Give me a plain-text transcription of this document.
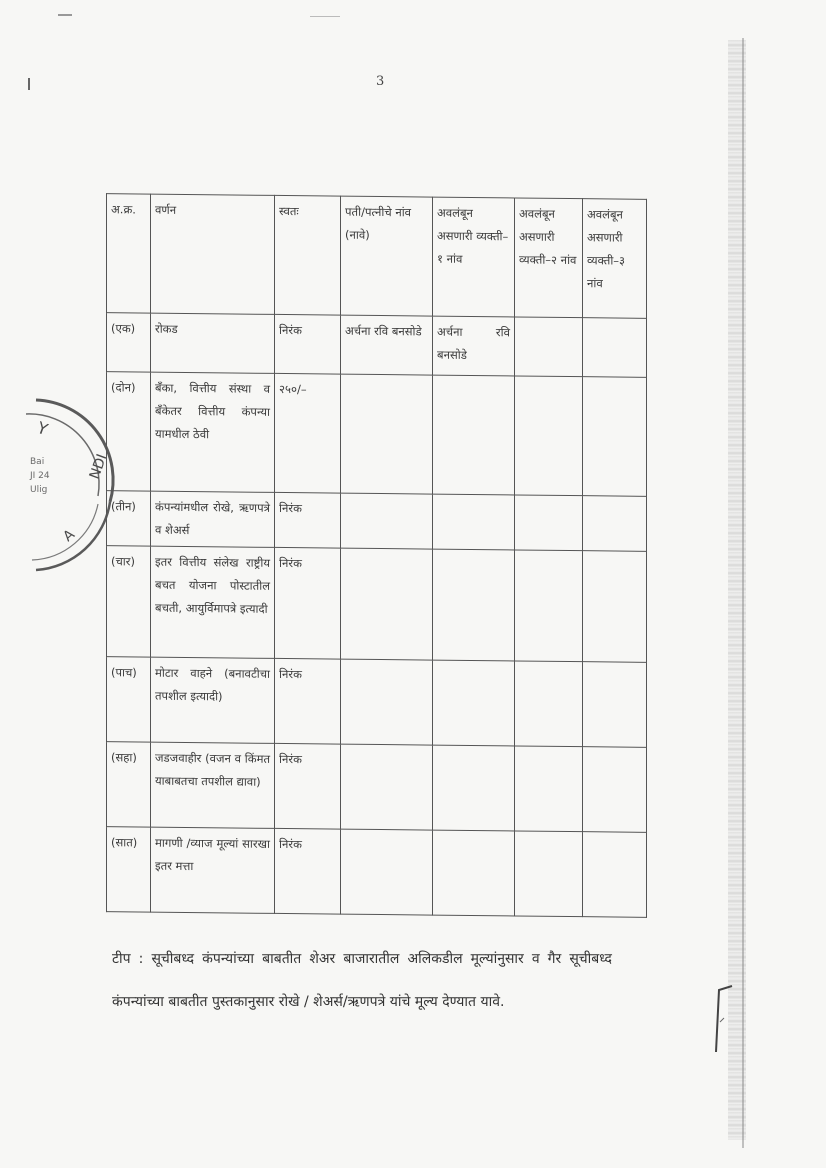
3
Y
Bai
JI 24
Ulig
NDI
A
अ.क्र.	वर्णन	स्वतः	पती/पत्नीचे नांव (नावे)	अवलंबून असणारी व्यक्ती–१ नांव	अवलंबून असणारी व्यक्ती–२ नांव	अवलंबून असणारी व्यक्ती–३ नांव
(एक)	रोकड	निरंक	अर्चना रवि बनसोडे	अर्चना रवि बनसोडे		
(दोन)	बँका, वित्तीय संस्था व बँकेतर वित्तीय कंपन्या यामधील ठेवी	२५०/–				
(तीन)	कंपन्यांमधील रोखे, ऋणपत्रे व शेअर्स	निरंक				
(चार)	इतर वित्तीय संलेख राष्ट्रीय बचत योजना पोस्टातील बचती, आयुर्विमापत्रे इत्यादी	निरंक				
(पाच)	मोटार वाहने (बनावटीचा तपशील इत्यादी)	निरंक				
(सहा)	जडजवाहीर (वजन व किंमत याबाबतचा तपशील द्यावा)	निरंक				
(सात)	मागणी /व्याज मूल्यां सारखा इतर मत्ता	निरंक				
टीप : सूचीबध्द कंपन्यांच्या बाबतीत शेअर बाजारातील अलिकडील मूल्यांनुसार व गैर सूचीबध्द कंपन्यांच्या बाबतीत पुस्तकानुसार रोखे / शेअर्स/ऋणपत्रे यांचे मूल्य देण्यात यावे.
